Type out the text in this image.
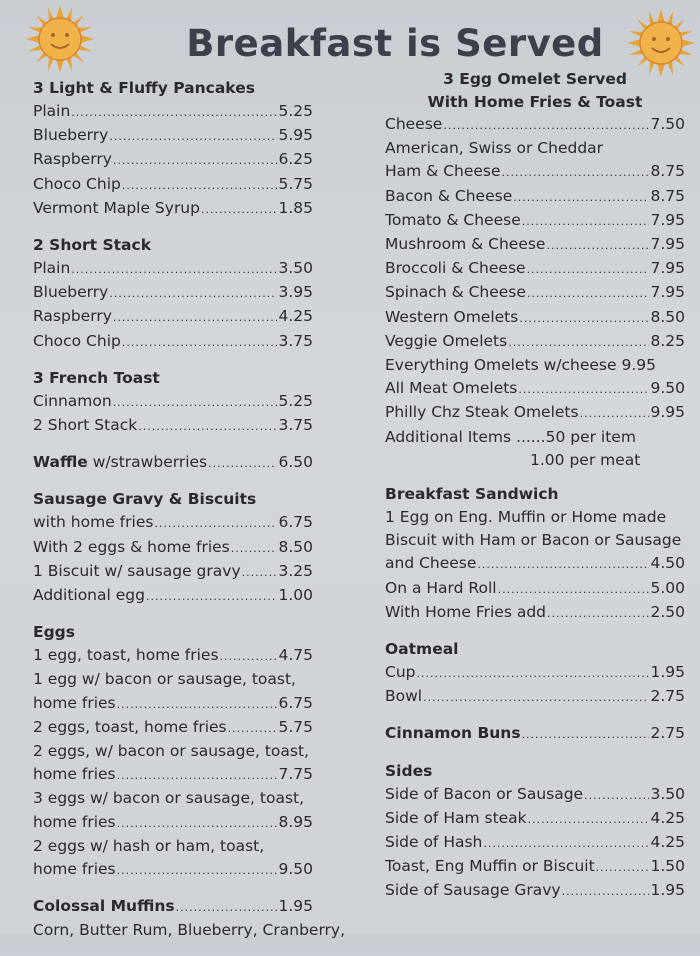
Breakfast is Served
3 Light & Fluffy Pancakes
Plain .....	5.25
Blueberry .....	5.95
Raspberry .....	6.25
Choco Chip .....	5.75
Vermont Maple Syrup .....	1.85
2 Short Stack
Plain .....	3.50
Blueberry .....	3.95
Raspberry .....	4.25
Choco Chip .....	3.75
3 French Toast
Cinnamon .....	5.25
2 Short Stack .....	3.75
Waffle w/strawberries .....	6.50
Sausage Gravy & Biscuits
with home fries .....	6.75
With 2 eggs & home fries .....	8.50
1 Biscuit w/ sausage gravy ..... 3.25
Additional egg .....	1.00
Eggs
1 egg, toast, home fries .....	4.75
1 egg w/ bacon or sausage, toast,
home fries .....	6.75
2 eggs, toast, home fries .....	5.75
2 eggs, w/ bacon or sausage, toast,
home fries .....	7.75
3 eggs w/ bacon or sausage, toast,
home fries .....	8.95
2 eggs w/ hash or ham, toast,
home fries .....	9.50
Colossal Muffins .....	1.95
Corn, Butter Rum, Blueberry, Cranberry,
3 Egg Omelet Served
With Home Fries & Toast
Cheese .....	7.50
American, Swiss or Cheddar
Ham & Cheese .....	8.75
Bacon & Cheese .....	8.75
Tomato & Cheese .....	7.95
Mushroom & Cheese .....	7.95
Broccoli & Cheese .....	7.95
Spinach & Cheese .....	7.95
Western Omelets .....	8.50
Veggie Omelets .....	8.25
Everything Omelets w/cheese 9.95
All Meat Omelets .....	9.50
Philly Chz Steak Omelets .....	9.95
Additional Items ......50 per item
1.00 per meat
Breakfast Sandwich
1 Egg on Eng. Muffin or Home made
Biscuit with Ham or Bacon or Sausage
and Cheese .....	4.50
On a Hard Roll .....	5.00
With Home Fries add .....	2.50
Oatmeal
Cup .....	1.95
Bowl .....	2.75
Cinnamon Buns .....	2.75
Sides
Side of Bacon or Sausage .....	3.50
Side of Ham steak .....	4.25
Side of Hash .....	4.25
Toast, Eng Muffin or Biscuit .....	1.50
Side of Sausage Gravy .....	1.95
